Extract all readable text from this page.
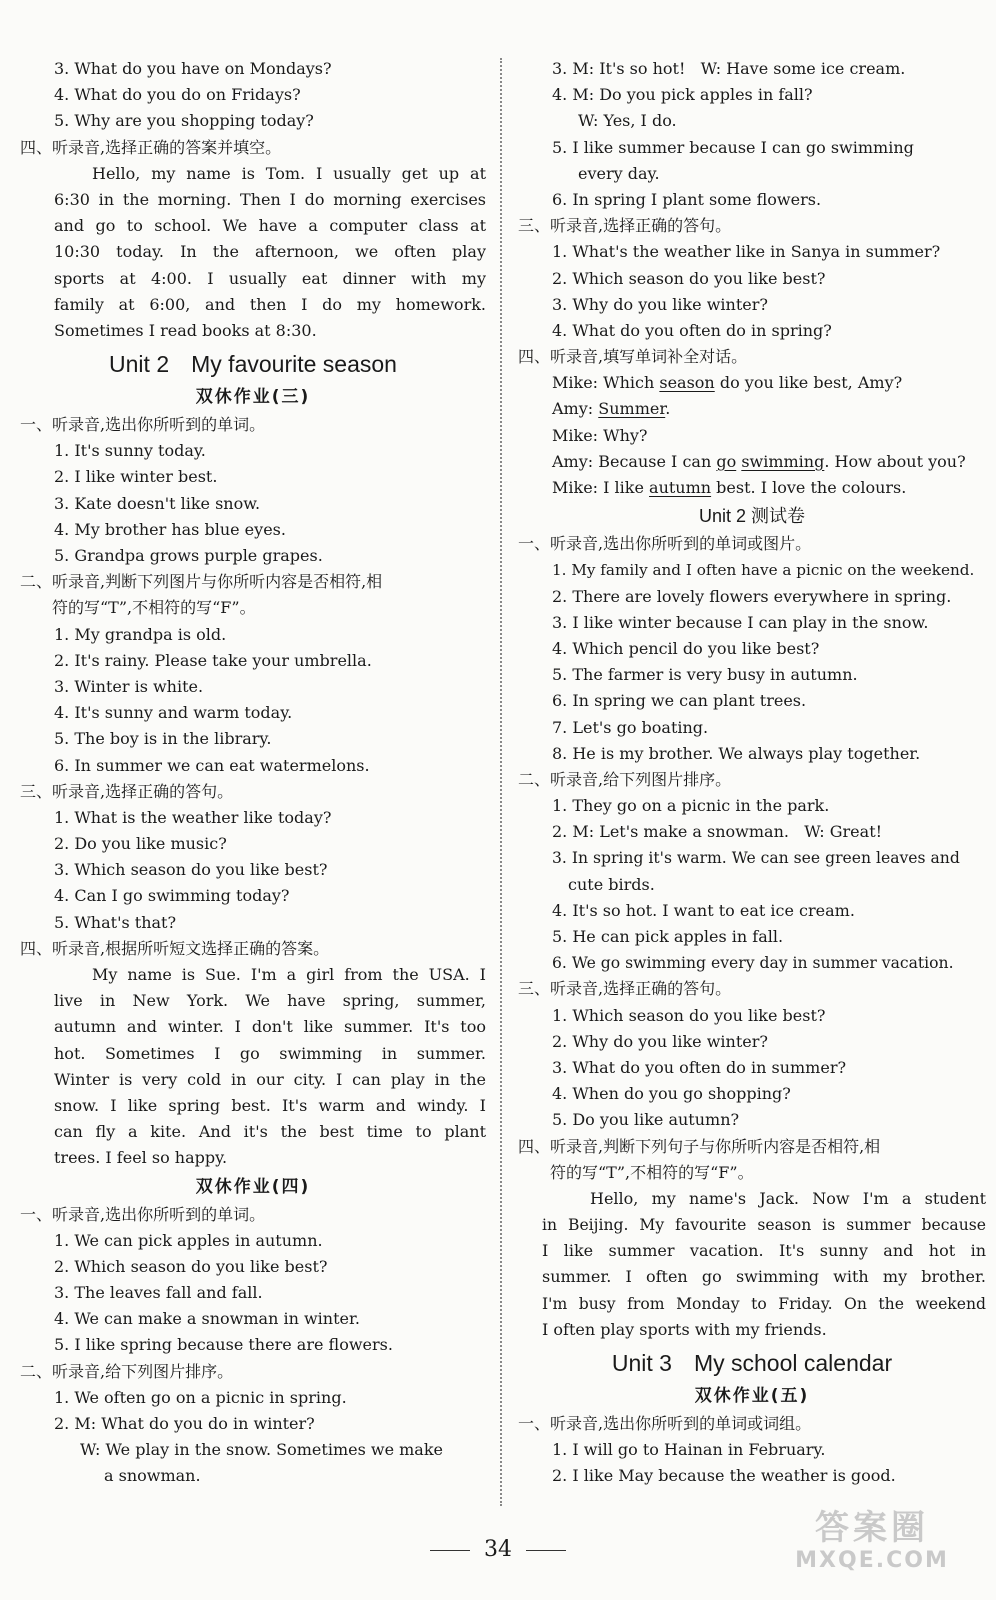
3. What do you have on Mondays?
4. What do you do on Fridays?
5. Why are you shopping today?
四、听录音,选择正确的答案并填空。
Hello, my name is Tom. I usually get up at
6:30 in the morning. Then I do morning exercises
and go to school. We have a computer class at
10:30 today. In the afternoon, we often play
sports at 4:00. I usually eat dinner with my
family at 6:00, and then I do my homework.
Sometimes I read books at 8:30.
Unit 2 My favourite season
双休作业(三)
一、听录音,选出你所听到的单词。
1. It's sunny today.
2. I like winter best.
3. Kate doesn't like snow.
4. My brother has blue eyes.
5. Grandpa grows purple grapes.
二、听录音,判断下列图片与你所听内容是否相符,相
符的写“T”,不相符的写“F”。
1. My grandpa is old.
2. It's rainy. Please take your umbrella.
3. Winter is white.
4. It's sunny and warm today.
5. The boy is in the library.
6. In summer we can eat watermelons.
三、听录音,选择正确的答句。
1. What is the weather like today?
2. Do you like music?
3. Which season do you like best?
4. Can I go swimming today?
5. What's that?
四、听录音,根据所听短文选择正确的答案。
My name is Sue. I'm a girl from the USA. I
live in New York. We have spring, summer,
autumn and winter. I don't like summer. It's too
hot. Sometimes I go swimming in summer.
Winter is very cold in our city. I can play in the
snow. I like spring best. It's warm and windy. I
can fly a kite. And it's the best time to plant
trees. I feel so happy.
双休作业(四)
一、听录音,选出你所听到的单词。
1. We can pick apples in autumn.
2. Which season do you like best?
3. The leaves fall and fall.
4. We can make a snowman in winter.
5. I like spring because there are flowers.
二、听录音,给下列图片排序。
1. We often go on a picnic in spring.
2. M: What do you do in winter?
W: We play in the snow. Sometimes we make
a snowman.
3. M: It's so hot!   W: Have some ice cream.
4. M: Do you pick apples in fall?
W: Yes, I do.
5. I like summer because I can go swimming
every day.
6. In spring I plant some flowers.
三、听录音,选择正确的答句。
1. What's the weather like in Sanya in summer?
2. Which season do you like best?
3. Why do you like winter?
4. What do you often do in spring?
四、听录音,填写单词补全对话。
Mike: Which season do you like best, Amy?
Amy: Summer.
Mike: Why?
Amy: Because I can go swimming. How about you?
Mike: I like autumn best. I love the colours.
Unit 2 测试卷
一、听录音,选出你所听到的单词或图片。
1. My family and I often have a picnic on the weekend.
2. There are lovely flowers everywhere in spring.
3. I like winter because I can play in the snow.
4. Which pencil do you like best?
5. The farmer is very busy in autumn.
6. In spring we can plant trees.
7. Let's go boating.
8. He is my brother. We always play together.
二、听录音,给下列图片排序。
1. They go on a picnic in the park.
2. M: Let's make a snowman.   W: Great!
3. In spring it's warm. We can see green leaves and
cute birds.
4. It's so hot. I want to eat ice cream.
5. He can pick apples in fall.
6. We go swimming every day in summer vacation.
三、听录音,选择正确的答句。
1. Which season do you like best?
2. Why do you like winter?
3. What do you often do in summer?
4. When do you go shopping?
5. Do you like autumn?
四、听录音,判断下列句子与你所听内容是否相符,相
符的写“T”,不相符的写“F”。
Hello, my name's Jack. Now I'm a student
in Beijing. My favourite season is summer because
I like summer vacation. It's sunny and hot in
summer. I often go swimming with my brother.
I'm busy from Monday to Friday. On the weekend
I often play sports with my friends.
Unit 3 My school calendar
双休作业(五)
一、听录音,选出你所听到的单词或词组。
1. I will go to Hainan in February.
2. I like May because the weather is good.
34
答案圈
MXQE.COM
